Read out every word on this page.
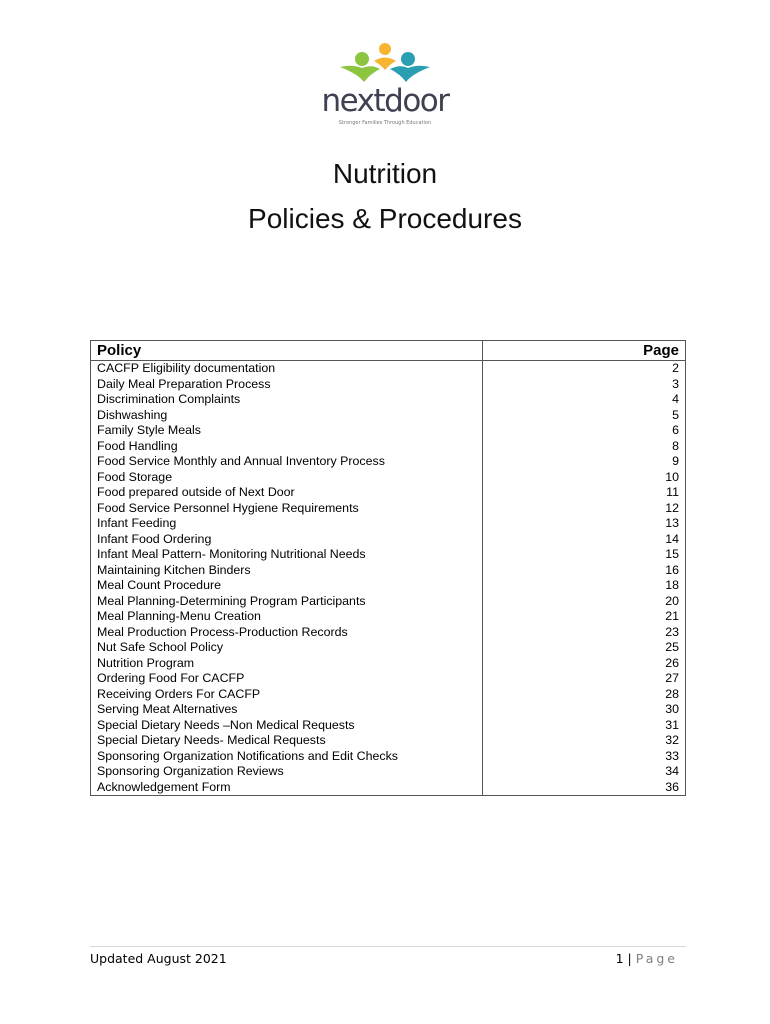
nextdoor
Stronger Families Through Education
Nutrition
Policies & Procedures
Policy	Page
CACFP Eligibility documentation	2
Daily Meal Preparation Process	3
Discrimination Complaints	4
Dishwashing	5
Family Style Meals	6
Food Handling	8
Food Service Monthly and Annual Inventory Process	9
Food Storage	10
Food prepared outside of Next Door	11
Food Service Personnel Hygiene Requirements	12
Infant Feeding	13
Infant Food Ordering	14
Infant Meal Pattern- Monitoring Nutritional Needs	15
Maintaining Kitchen Binders	16
Meal Count Procedure	18
Meal Planning-Determining Program Participants	20
Meal Planning-Menu Creation	21
Meal Production Process-Production Records	23
Nut Safe School Policy	25
Nutrition Program	26
Ordering Food For CACFP	27
Receiving Orders For CACFP	28
Serving Meat Alternatives	30
Special Dietary Needs –Non Medical Requests	31
Special Dietary Needs- Medical Requests	32
Sponsoring Organization Notifications and Edit Checks	33
Sponsoring Organization Reviews	34
Acknowledgement Form	36
Updated August 2021	1 | Page
